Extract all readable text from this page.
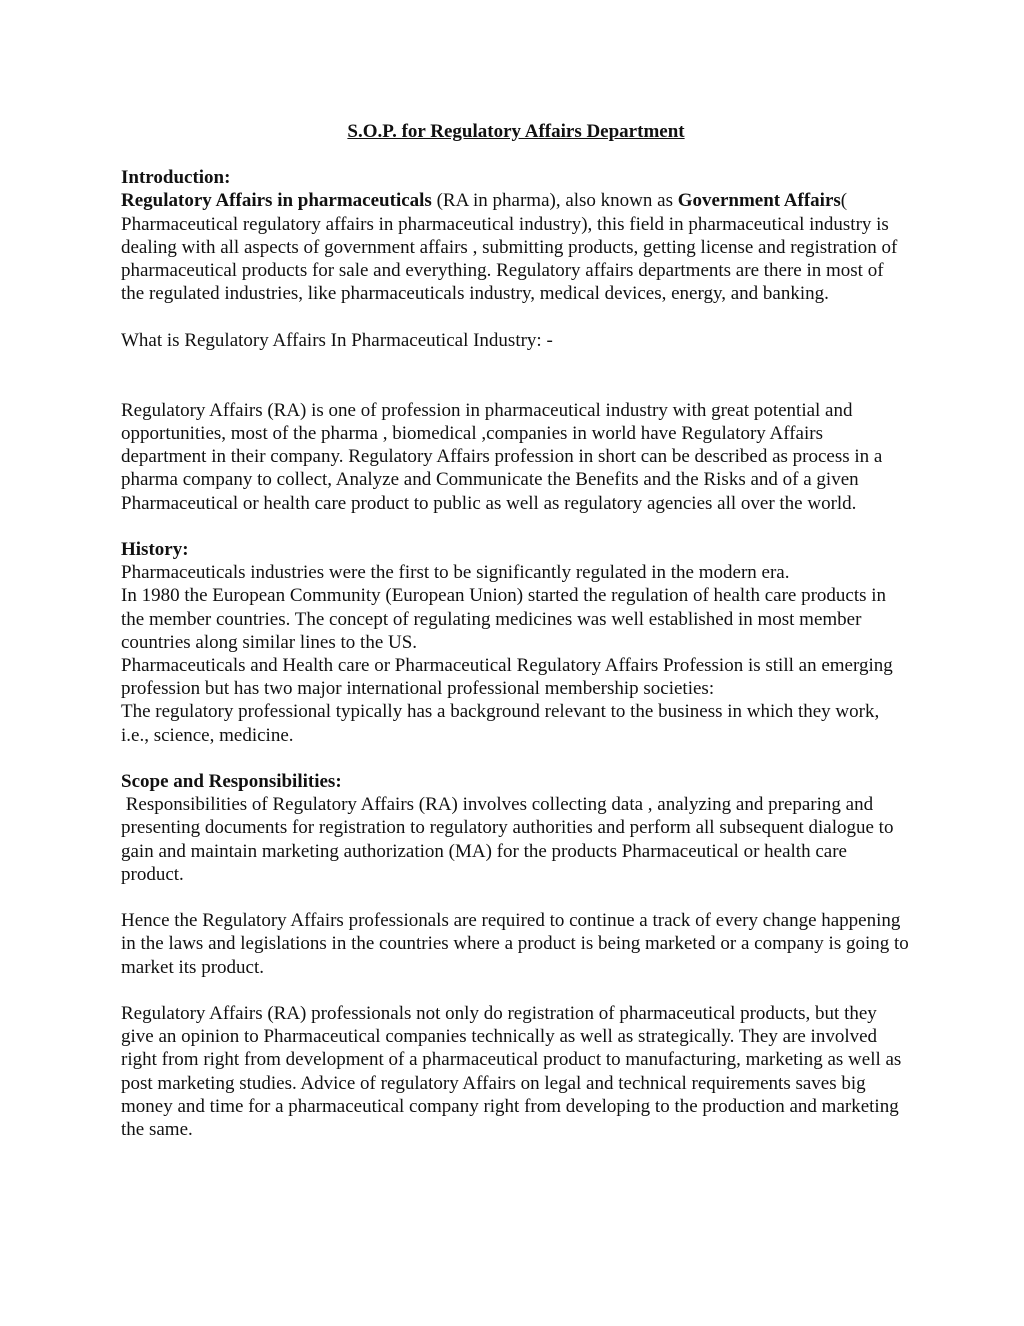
S.O.P. for Regulatory Affairs Department

Introduction:

Regulatory Affairs in pharmaceuticals (RA in pharma), also known as Government Affairs( Pharmaceutical regulatory affairs in pharmaceutical industry), this field in pharmaceutical industry is dealing with all aspects of government affairs , submitting products, getting license and registration of pharmaceutical products for sale and everything. Regulatory affairs departments are there in most of the regulated industries, like pharmaceuticals industry, medical devices, energy, and banking.

What is Regulatory Affairs In Pharmaceutical Industry: -

Regulatory Affairs (RA) is one of profession in pharmaceutical industry with great potential and opportunities, most of the pharma , biomedical ,companies in world have Regulatory Affairs department in their company. Regulatory Affairs profession in short can be described as process in a pharma company to collect, Analyze and Communicate the Benefits and the Risks and of a given Pharmaceutical or health care product to public as well as regulatory agencies all over the world.

History:

Pharmaceuticals industries were the first to be significantly regulated in the modern era.

In 1980 the European Community (European Union) started the regulation of health care products in the member countries. The concept of regulating medicines was well established in most member countries along similar lines to the US.

Pharmaceuticals and Health care or Pharmaceutical Regulatory Affairs Profession is still an emerging profession but has two major international professional membership societies:

The regulatory professional typically has a background relevant to the business in which they work, i.e., science, medicine.

Scope and Responsibilities:

Responsibilities of Regulatory Affairs (RA) involves collecting data , analyzing and preparing and presenting documents for registration to regulatory authorities and perform all subsequent dialogue to gain and maintain marketing authorization (MA) for the products Pharmaceutical or health care product.

Hence the Regulatory Affairs professionals are required to continue a track of every change happening in the laws and legislations in the countries where a product is being marketed or a company is going to market its product.

Regulatory Affairs (RA) professionals not only do registration of pharmaceutical products, but they give an opinion to Pharmaceutical companies technically as well as strategically. They are involved right from right from development of a pharmaceutical product to manufacturing, marketing as well as post marketing studies. Advice of regulatory Affairs on legal and technical requirements saves big money and time for a pharmaceutical company right from developing to the production and marketing the same.
